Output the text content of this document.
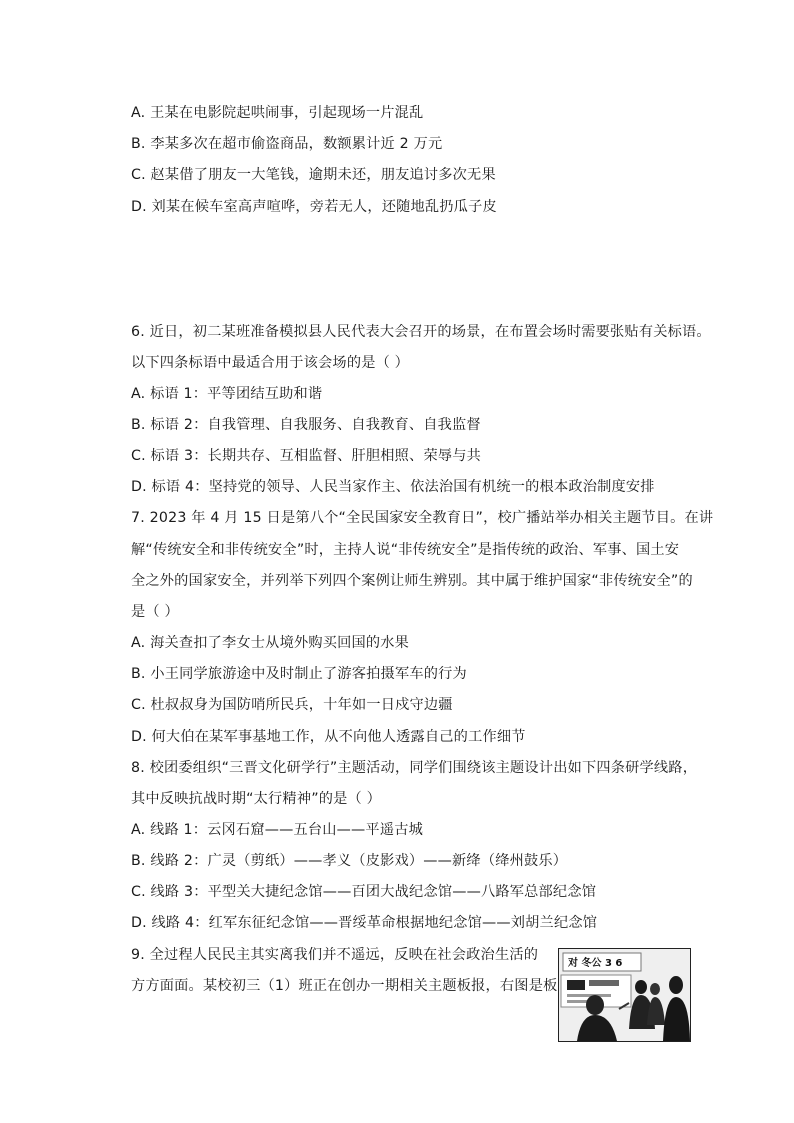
A. 王某在电影院起哄闹事，引起现场一片混乱
B. 李某多次在超市偷盗商品，数额累计近 2 万元
C. 赵某借了朋友一大笔钱，逾期未还，朋友追讨多次无果
D. 刘某在候车室高声喧哗，旁若无人，还随地乱扔瓜子皮
6. 近日，初二某班准备模拟县人民代表大会召开的场景，在布置会场时需要张贴有关标语。
以下四条标语中最适合用于该会场的是（ ）
A. 标语 1：平等团结互助和谐
B. 标语 2：自我管理、自我服务、自我教育、自我监督
C. 标语 3：长期共存、互相监督、肝胆相照、荣辱与共
D. 标语 4：坚持党的领导、人民当家作主、依法治国有机统一的根本政治制度安排
7. 2023 年 4 月 15 日是第八个“全民国家安全教育日”，校广播站举办相关主题节目。在讲
解“传统安全和非传统安全”时，主持人说“非传统安全”是指传统的政治、军事、国土安
全之外的国家安全，并列举下列四个案例让师生辨别。其中属于维护国家“非传统安全”的
是（ ）
A. 海关查扣了李女士从境外购买回国的水果
B. 小王同学旅游途中及时制止了游客拍摄军车的行为
C. 杜叔叔身为国防哨所民兵，十年如一日戍守边疆
D. 何大伯在某军事基地工作，从不向他人透露自己的工作细节
8. 校团委组织“三晋文化研学行”主题活动，同学们围绕该主题设计出如下四条研学线路，
其中反映抗战时期“太行精神”的是（ ）
A. 线路 1：云冈石窟——五台山——平遥古城
B. 线路 2：广灵（剪纸）——孝义（皮影戏）——新绛（绛州鼓乐）
C. 线路 3：平型关大捷纪念馆——百团大战纪念馆——八路军总部纪念馆
D. 线路 4：红军东征纪念馆——晋绥革命根据地纪念馆——刘胡兰纪念馆
9. 全过程人民民主其实离我们并不遥远，反映在社会政治生活的
方方面面。某校初三（1）班正在创办一期相关主题板报，右图是板
对 冬公 3 6
